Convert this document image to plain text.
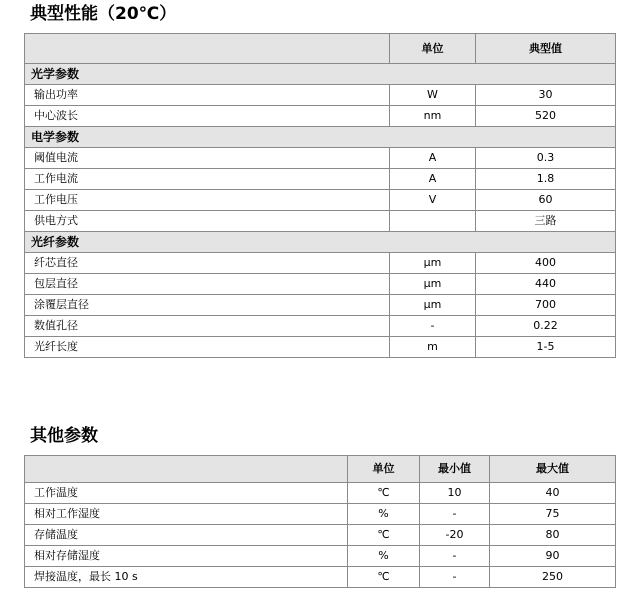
典型性能（20℃）
	单位	典型值
光学参数		
输出功率	W	30
中心波长	nm	520
电学参数		
阈值电流	A	0.3
工作电流	A	1.8
工作电压	V	60
供电方式		三路
光纤参数		
纤芯直径	μm	400
包层直径	μm	440
涂覆层直径	μm	700
数值孔径	-	0.22
光纤长度	m	1-5
其他参数
	单位	最小值	最大值
工作温度	℃	10	40
相对工作湿度	%	-	75
存储温度	℃	-20	80
相对存储湿度	%	-	90
焊接温度，最长 10 s	℃	-	250
